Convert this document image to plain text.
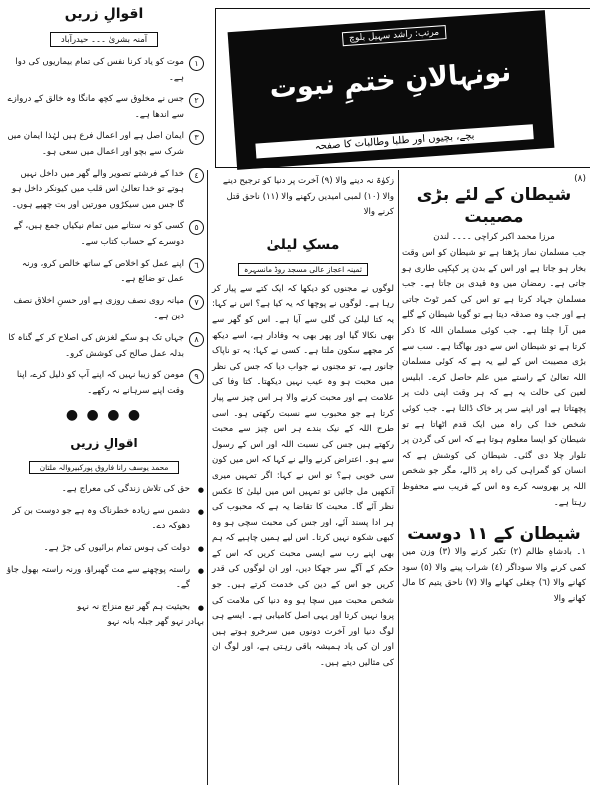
مرتب: راشد سہیل بلوچ
نونہالانِ ختمِ نبوت
بچے، بچیوں اور طلبا وطالبات کا صفحہ
اقوالِ زریں
آمنہ بشریٰ ۔۔۔ حیدرآباد

١
موت کو یاد کرنا نفس کی تمام بیماریوں کی دوا ہے۔

٢
جس نے مخلوق سے کچھ مانگا وہ خالق کے دروازے سے اندھا ہے۔

٣
ایمان اصل ہے اور اعمال فرع ہیں لہٰذا ایمان میں شرک سے بچو اور اعمال میں سعی ہو۔

٤
خدا کے فرشتے تصویر والے گھر میں داخل نہیں ہوتے تو خدا تعالیٰ اس قلب میں کیونکر داخل ہو گا جس میں سیکڑوں مورتیں اور بت چھپے ہوں۔

٥
کسی کو نہ ستانے میں تمام نیکیاں جمع ہیں، گے دوسرے کے حساب کتاب سے۔

٦
اپنے عمل کو اخلاص کے ساتھ خالص کرو، ورنہ عمل تو ضائع ہے۔

٧
میانہ روی نصف روزی ہے اور حسنِ اخلاق نصف دین ہے۔

٨
جہاں تک ہو سکے لغزش کی اصلاح کر کے گناہ کا بدلہ عمل صالح کی کوشش کرو۔

٩
مومن کو زیبا نہیں کہ اپنے آپ کو ذلیل کرے، اپنا وقت اپنے سرہانے نہ رکھے۔

● ● ● ●
اقوالِ زریں
محمد یوسف رانا فاروق پورکبیروالہ ملتان

● حق کی تلاش زندگی کی معراج ہے۔

● دشمن سے زیادہ خطرناک وہ ہے جو دوست بن کر دھوکہ دے۔

● دولت کی ہوس تمام برائیوں کی جڑ ہے۔

● راستہ پوچھنے سے مت گھبراؤ، ورنہ راستہ بھول جاؤ گے۔

● بحیثیت ہم گھر تبع منزاج نہ نہو

بہادر نہو گھر جبلہ بانہ نہو

زکوٰۃ نہ دینے والا (٩) آخرت پر دنیا کو ترجیح دینے والا (١٠) لمبی امیدیں رکھنے والا (١١) ناحق قتل کرنے والا

مسکِ لیلیٰ
ثمینہ اعجاز عالی مسجد روڈ مانسہرہ

لوگوں نے مجنوں کو دیکھا کہ ایک کتے سے پیار کر رہا ہے۔ لوگوں نے پوچھا کہ یہ کیا ہے؟ اس نے کہا: یہ کتا لیلیٰ کی گلی سے آیا ہے۔ اس کو گھر سے بھی نکالا گیا اور پھر بھی یہ وفادار ہے، اسے دیکھ کر مجھے سکون ملتا ہے۔ کسی نے کہا: یہ تو ناپاک جانور ہے، تو مجنوں نے جواب دیا کہ جس کی نظر میں محبت ہو وہ عیب نہیں دیکھتا۔ کتا وفا کی علامت ہے اور محبت کرنے والا ہر اس چیز سے پیار کرتا ہے جو محبوب سے نسبت رکھتی ہو۔ اسی طرح اللہ کے نیک بندے ہر اس چیز سے محبت رکھتے ہیں جس کی نسبت اللہ اور اس کے رسول سے ہو۔ اعتراض کرنے والے نے کہا کہ اس میں کون سی خوبی ہے؟ تو اس نے کہا: اگر تمہیں میری آنکھیں مل جائیں تو تمہیں اس میں لیلیٰ کا عکس نظر آئے گا۔ محبت کا تقاضا یہ ہے کہ محبوب کی ہر ادا پسند آئے، اور جس کی محبت سچی ہو وہ کبھی شکوہ نہیں کرتا۔ اس لیے ہمیں چاہیے کہ ہم بھی اپنے رب سے ایسی محبت کریں کہ اس کے حکم کے آگے سر جھکا دیں، اور ان لوگوں کی قدر کریں جو اس کے دین کی خدمت کرتے ہیں۔ جو شخص محبت میں سچا ہو وہ دنیا کی ملامت کی پروا نہیں کرتا اور یہی اصل کامیابی ہے۔ ایسے ہی لوگ دنیا اور آخرت دونوں میں سرخرو ہوتے ہیں اور ان کی یاد ہمیشہ باقی رہتی ہے، اور لوگ ان کی مثالیں دیتے ہیں۔

(٨)
شیطان کے لئے بڑی مصیبت
مرزا محمد اکبر کراچی ۔۔۔۔ لندن

جب مسلمان نماز پڑھتا ہے تو شیطان کو اس وقت بخار ہو جاتا ہے اور اس کے بدن پر کپکپی طاری ہو جاتی ہے۔ رمضان میں وہ قیدی بن جاتا ہے۔ جب مسلمان جہاد کرتا ہے تو اس کی کمر ٹوٹ جاتی ہے اور جب وہ صدقہ دیتا ہے تو گویا شیطان کے گلے میں آرا چلتا ہے۔ جب کوئی مسلمان اللہ کا ذکر کرتا ہے تو شیطان اس سے دور بھاگتا ہے۔ سب سے بڑی مصیبت اس کے لیے یہ ہے کہ کوئی مسلمان اللہ تعالیٰ کے راستے میں علم حاصل کرے۔ ابلیس لعین کی حالت یہ ہے کہ ہر وقت اپنی ذلت پر پچھتاتا ہے اور اپنے سر پر خاک ڈالتا ہے۔ جب کوئی شخص خدا کی راہ میں ایک قدم اٹھاتا ہے تو شیطان کو ایسا معلوم ہوتا ہے کہ اس کی گردن پر تلوار چلا دی گئی۔ شیطان کی کوشش ہے کہ انسان کو گمراہی کی راہ پر ڈالے، مگر جو شخص اللہ پر بھروسہ کرے وہ اس کے فریب سے محفوظ رہتا ہے۔

شیطان کے ١١ دوست

١۔ بادشاہِ ظالم (٢) تکبر کرنے والا (٣) وزن میں کمی کرنے والا سوداگر (٤) شراب پینے والا (٥) سود کھانے والا (٦) چغلی کھانے والا (٧) ناحق یتیم کا مال کھانے والا
